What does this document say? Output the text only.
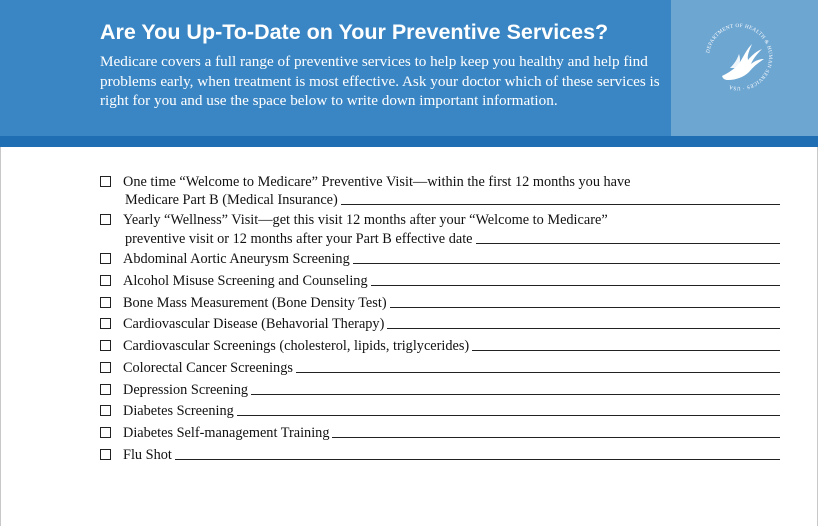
Are You Up-To-Date on Your Preventive Services?
Medicare covers a full range of preventive services to help keep you healthy and help find problems early, when treatment is most effective. Ask your doctor which of these services is right for you and use the space below to write down important information.
DEPARTMENT OF HEALTH & HUMAN SERVICES · USA
One time “Welcome to Medicare” Preventive Visit—within the first 12 months you have
Medicare Part B (Medical Insurance)
Yearly “Wellness” Visit—get this visit 12 months after your “Welcome to Medicare”
preventive visit or 12 months after your Part B effective date
Abdominal Aortic Aneurysm Screening
Alcohol Misuse Screening and Counseling
Bone Mass Measurement (Bone Density Test)
Cardiovascular Disease (Behavorial Therapy)
Cardiovascular Screenings (cholesterol, lipids, triglycerides)
Colorectal Cancer Screenings
Depression Screening
Diabetes Screening
Diabetes Self-management Training
Flu Shot
